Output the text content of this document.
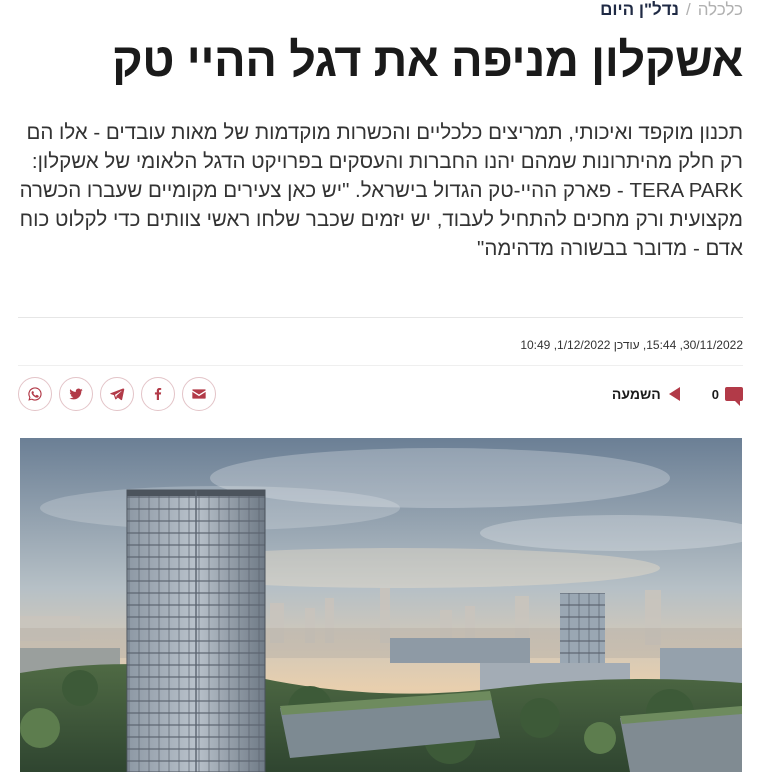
כלכלה
/
נדל"ן היום
אשקלון מניפה את דגל ההיי טק

תכנון מוקפד ואיכותי, תמריצים כלכליים והכשרות מוקדמות של מאות עובדים - אלו הם רק חלק מהיתרונות שמהם יהנו החברות והעסקים בפרויקט הדגל הלאומי של אשקלון: TERA PARK - פארק ההיי-טק הגדול בישראל. "יש כאן צעירים מקומיים שעברו הכשרה מקצועית ורק מחכים להתחיל לעבוד, יש יזמים שכבר שלחו ראשי צוותים כדי לקלוט כוח אדם - מדובר בבשורה מדהימה"

30/11/2022, 15:44, עודכן 1/12/2022, 10:49
0
השמעה
